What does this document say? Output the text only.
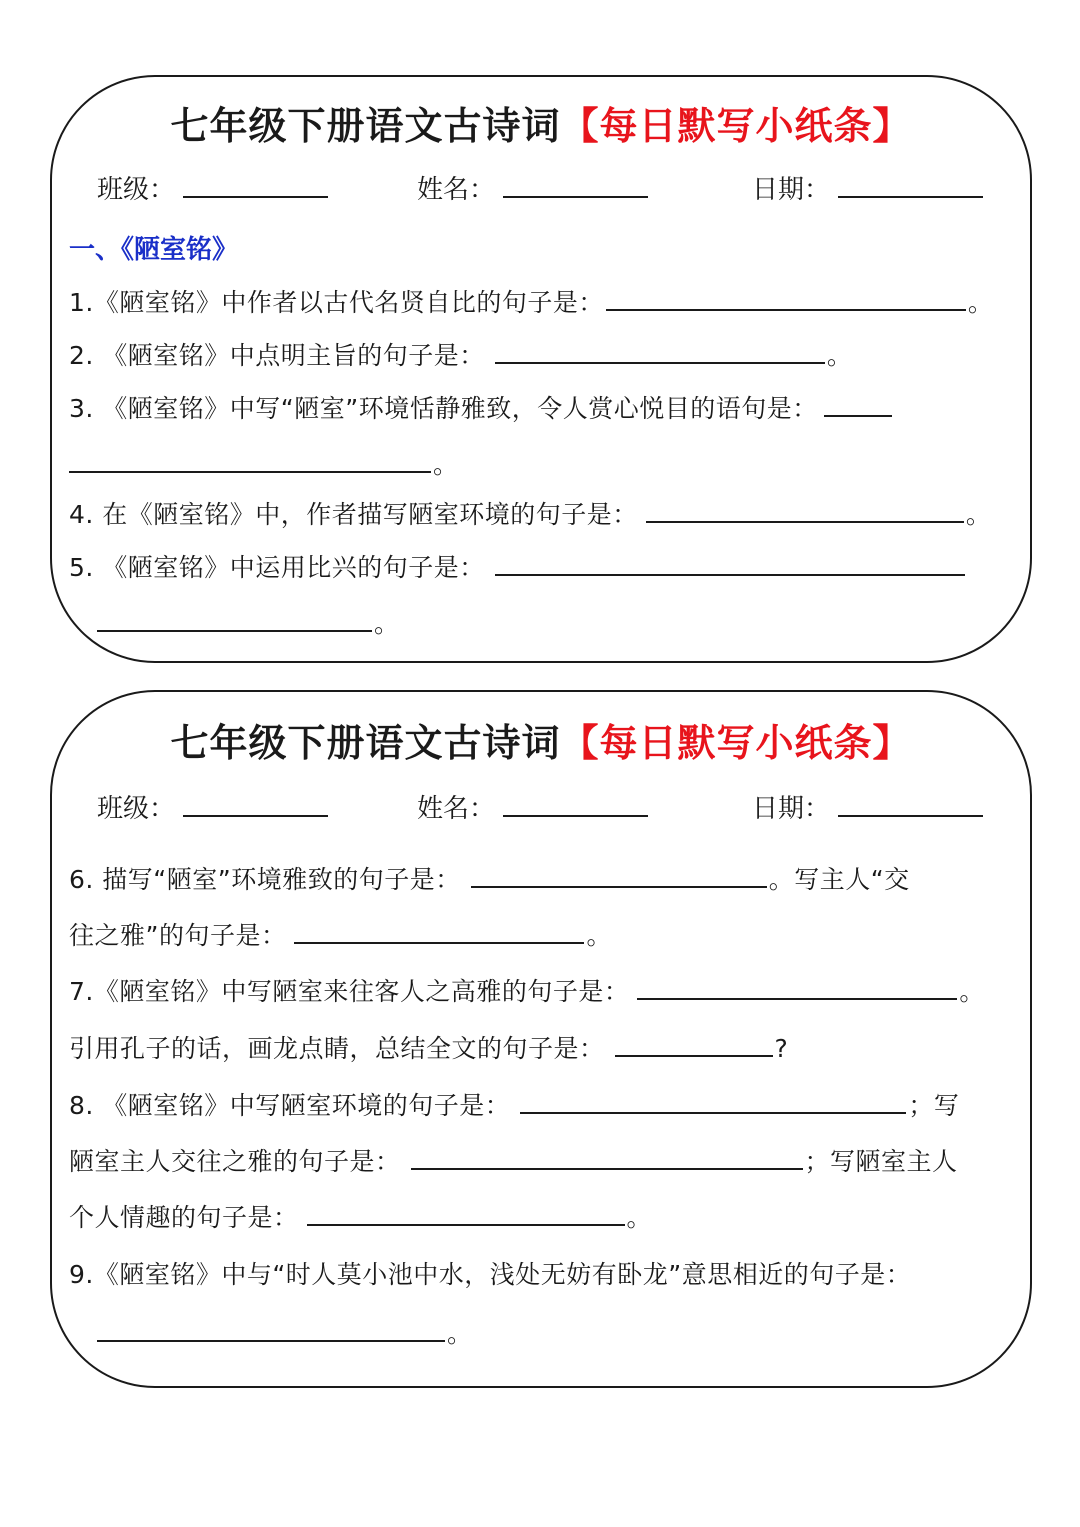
七年级下册语文古诗词【每日默写小纸条】
班级：	姓名：	日期：
一、《陋室铭》
1.《陋室铭》中作者以古代名贤自比的句子是：	。
2. 《陋室铭》中点明主旨的句子是：	。
3. 《陋室铭》中写“陋室”环境恬静雅致，令人赏心悦目的语句是：
。
4. 在《陋室铭》中，作者描写陋室环境的句子是：	。
5. 《陋室铭》中运用比兴的句子是：
。
七年级下册语文古诗词【每日默写小纸条】
班级：	姓名：	日期：
6. 描写“陋室”环境雅致的句子是：	。写主人“交
往之雅”的句子是：	。
7.《陋室铭》中写陋室来往客人之高雅的句子是：	。
引用孔子的话，画龙点睛，总结全文的句子是：	?
8. 《陋室铭》中写陋室环境的句子是：	；写
陋室主人交往之雅的句子是：	；写陋室主人
个人情趣的句子是：	。
9.《陋室铭》中与“时人莫小池中水，浅处无妨有卧龙”意思相近的句子是：
。
